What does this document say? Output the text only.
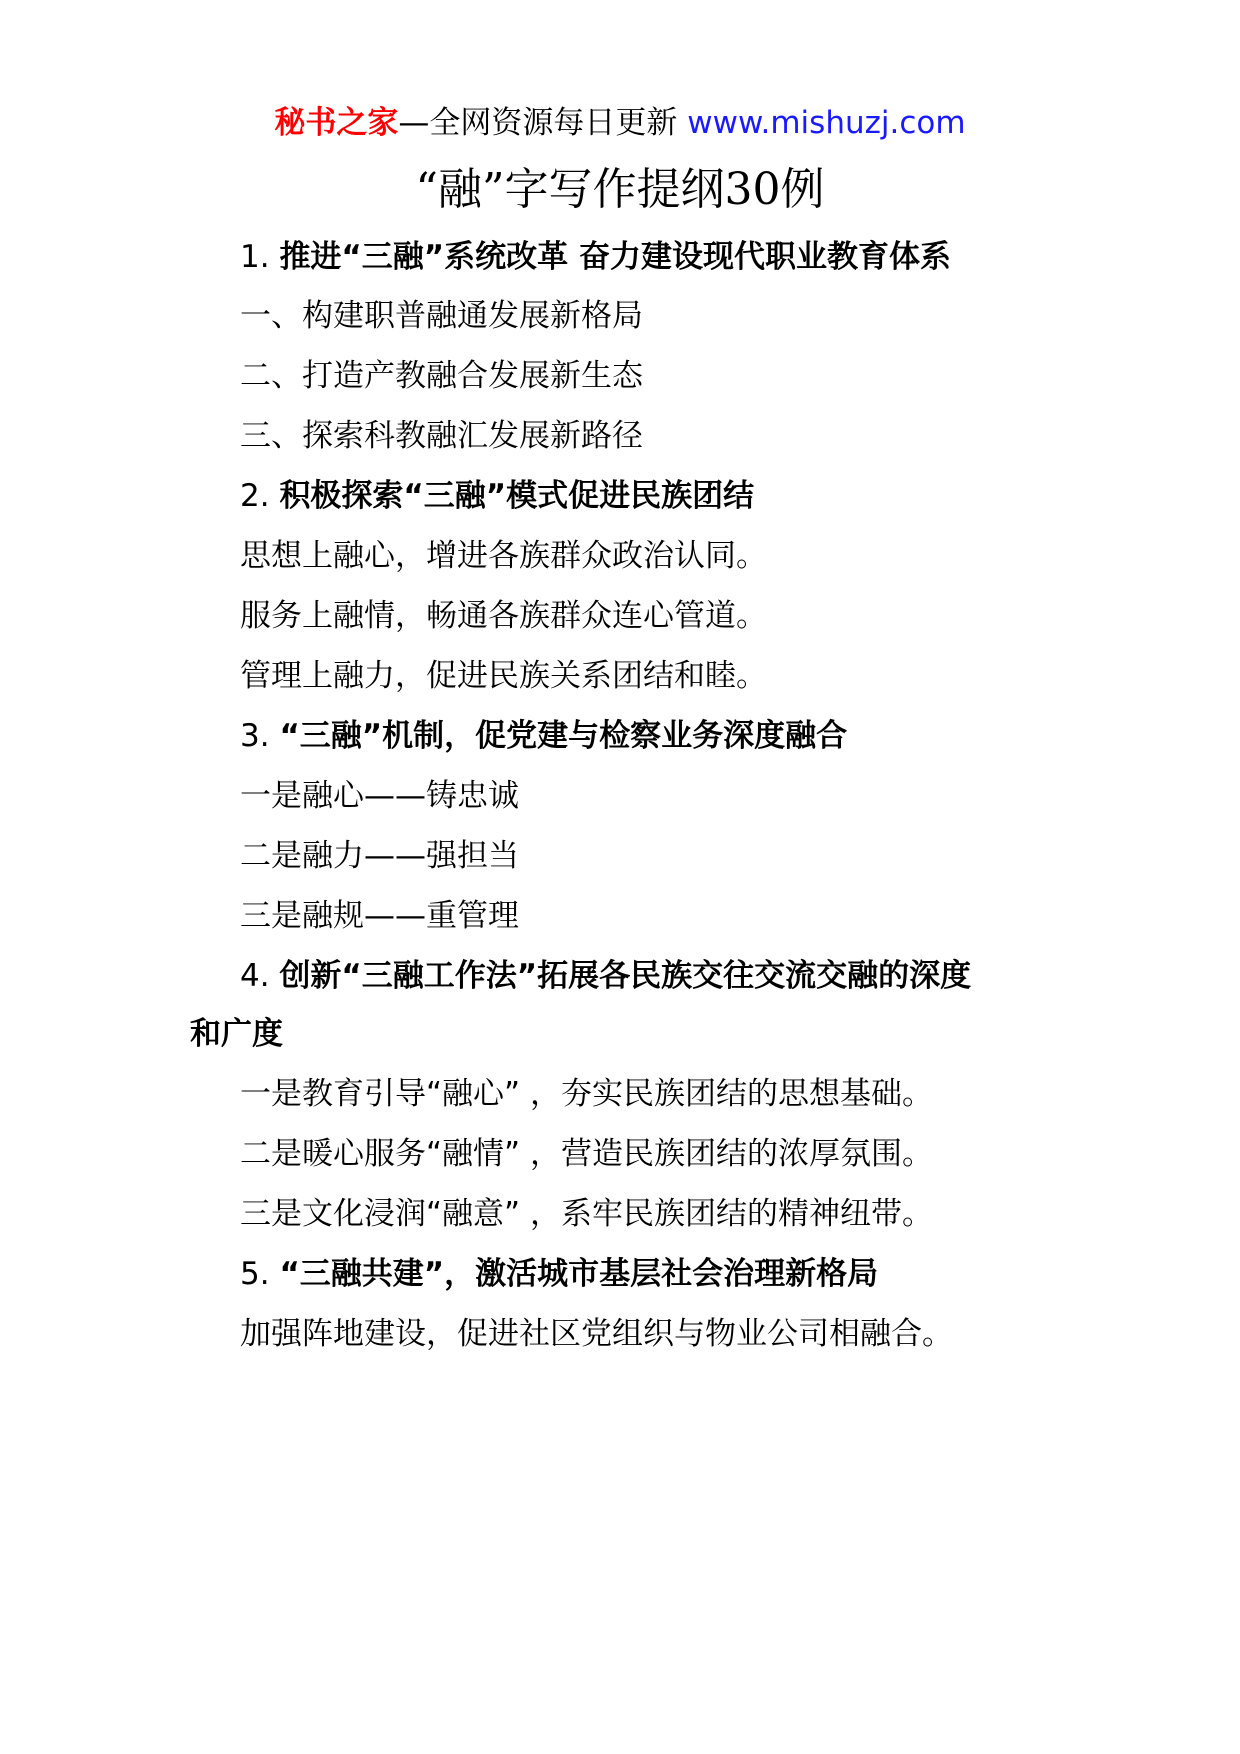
秘书之家—全网资源每日更新 www.mishuzj.com
“融”字写作提纲30例
1. 推进“三融”系统改革 奋力建设现代职业教育体系
一、构建职普融通发展新格局
二、打造产教融合发展新生态
三、探索科教融汇发展新路径
2. 积极探索“三融”模式促进民族团结
思想上融心，增进各族群众政治认同。
服务上融情，畅通各族群众连心管道。
管理上融力，促进民族关系团结和睦。
3. “三融”机制，促党建与检察业务深度融合
一是融心——铸忠诚
二是融力——强担当
三是融规——重管理
4. 创新“三融工作法”拓展各民族交往交流交融的深度
和广度
一是教育引导“融心” ，夯实民族团结的思想基础。
二是暖心服务“融情” ，营造民族团结的浓厚氛围。
三是文化浸润“融意” ，系牢民族团结的精神纽带。
5. “三融共建”，激活城市基层社会治理新格局
加强阵地建设，促进社区党组织与物业公司相融合。
